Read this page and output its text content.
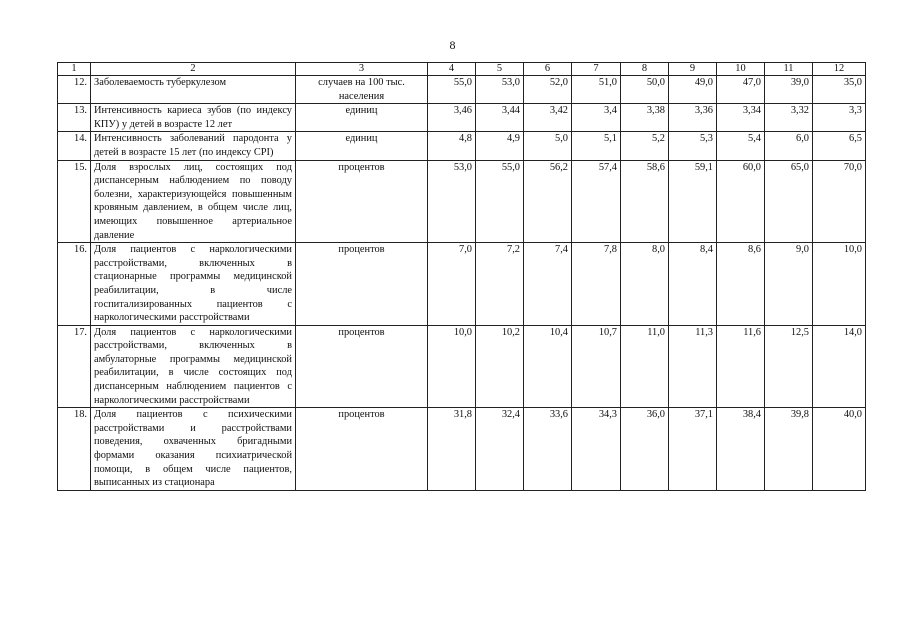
8
1	2	3	4	5	6	7	8	9	10	11	12
12.	Заболеваемость туберкулезом	случаев на 100 тыс. населения	55,0	53,0	52,0	51,0	50,0	49,0	47,0	39,0	35,0
13.	Интенсивность кариеса зубов (по индексу КПУ) у детей в возрасте 12 лет	единиц	3,46	3,44	3,42	3,4	3,38	3,36	3,34	3,32	3,3
14.	Интенсивность заболеваний пародонта у детей в возрасте 15 лет (по индексу CPI)	единиц	4,8	4,9	5,0	5,1	5,2	5,3	5,4	6,0	6,5
15.	Доля взрослых лиц, состоящих под диспансерным наблюдением по поводу болезни, характеризующейся повышенным кровяным давлением, в общем числе лиц, имеющих повышенное артериальное давление	процентов	53,0	55,0	56,2	57,4	58,6	59,1	60,0	65,0	70,0
16.	Доля пациентов с наркологическими расстройствами, включенных в стационарные программы медицинской реабилитации, в числе госпитализированных пациентов с наркологическими расстройствами	процентов	7,0	7,2	7,4	7,8	8,0	8,4	8,6	9,0	10,0
17.	Доля пациентов с наркологическими расстройствами, включенных в амбулаторные программы медицинской реабилитации, в числе состоящих под диспансерным наблюдением пациентов с наркологическими расстройствами	процентов	10,0	10,2	10,4	10,7	11,0	11,3	11,6	12,5	14,0
18.	Доля пациентов с психическими расстройствами и расстройствами поведения, охваченных бригадными формами оказания психиатрической помощи, в общем числе пациентов, выписанных из стационара	процентов	31,8	32,4	33,6	34,3	36,0	37,1	38,4	39,8	40,0
